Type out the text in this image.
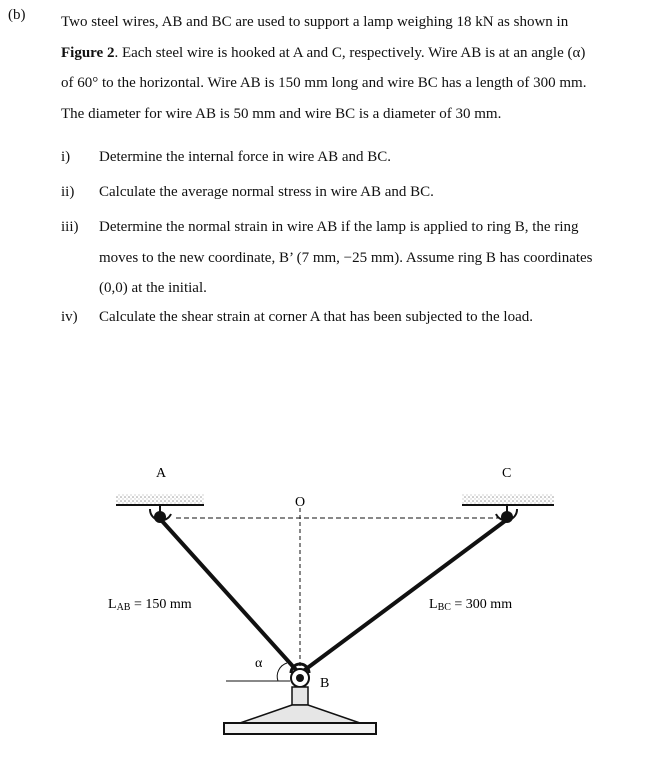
(b) Two steel wires, AB and BC are used to support a lamp weighing 18 kN as shown in
Figure 2. Each steel wire is hooked at A and C, respectively. Wire AB is at an angle (α)
of 60° to the horizontal. Wire AB is 150 mm long and wire BC has a length of 300 mm.
The diameter for wire AB is 50 mm and wire BC is a diameter of 30 mm.
i) Determine the internal force in wire AB and BC.
ii) Calculate the average normal stress in wire AB and BC.
iii) Determine the normal strain in wire AB if the lamp is applied to ring B, the ring
moves to the new coordinate, B’ (7 mm, −25 mm). Assume ring B has coordinates
(0,0) at the initial.
iv) Calculate the shear strain at corner A that has been subjected to the load.
A	C
O
B
α
LAB = 150 mm	LBC = 300 mm
